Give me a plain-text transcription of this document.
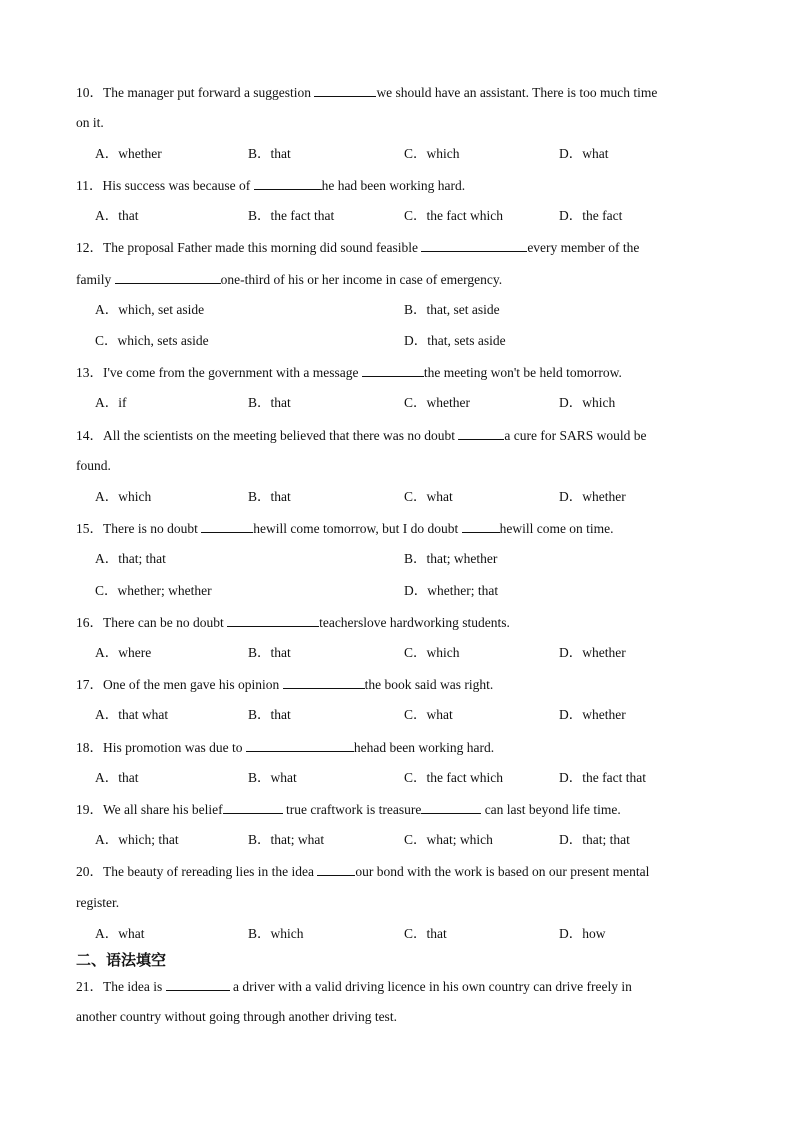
10．The manager put forward a suggestion	we should have an assistant. There is too much time
on it.
A．whether	B．that	C．which	D．what
11．His success was because of	he had been working hard.
A．that	B．the fact that	C．the fact which	D．the fact
12．The proposal Father made this morning did sound feasible	every member of the
family	one-third of his or her income in case of emergency.
A．which, set aside	B．that, set aside
C．which, sets aside	D．that, sets aside
13．I've come from the government with a message	the meeting won't be held tomorrow.
A．if	B．that	C．whether	D．which
14．All the scientists on the meeting believed that there was no doubt	a cure for SARS would be
found.
A．which	B．that	C．what	D．whether
15．There is no doubt	hewill come tomorrow, but I do doubt	hewill come on time.
A．that; that	B．that; whether
C．whether; whether	D．whether; that
16．There can be no doubt	teacherslove hardworking students.
A．where	B．that	C．which	D．whether
17．One of the men gave his opinion	the book said was right.
A．that what	B．that	C．what	D．whether
18．His promotion was due to	hehad been working hard.
A．that	B．what	C．the fact which	D．the fact that
19．We all share his belief	true craftwork is treasure	can last beyond life time.
A．which; that	B．that; what	C．what; which	D．that; that
20．The beauty of rereading lies in the idea	our bond with the work is based on our present mental
register.
A．what	B．which	C．that	D．how
二、语法填空
21．The idea is	a driver with a valid driving licence in his own country can drive freely in
another country without going through another driving test.
